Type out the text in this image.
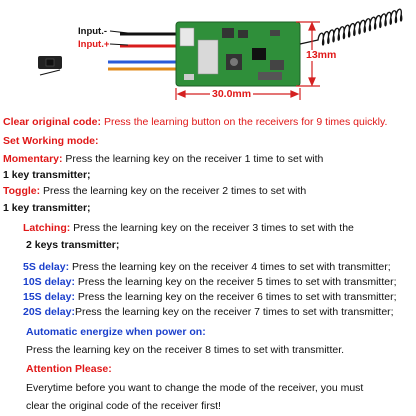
Input.-
Input.+
30.0mm
13mm
Clear original code: Press the learning button on the receivers for 9 times quickly.
Set Working mode:
Momentary: Press the learning key on the receiver 1 time to set with
1 key transmitter;
Toggle: Press the learning key on the receiver 2 times to set with
1 key transmitter;
Latching: Press the learning key on the receiver 3 times to set with the
2 keys transmitter;
5S delay: Press the learning key on the receiver 4 times to set with transmitter;
10S delay: Press the learning key on the receiver 5 times to set with transmitter;
15S delay: Press the learning key on the receiver 6 times to set with transmitter;
20S delay:Press the learning key on the receiver 7 times to set with transmitter;
Automatic energize when power on:
Press the learning key on the receiver 8 times to set with transmitter.
Attention Please:
Everytime before you want to change the mode of the receiver, you must
clear the original code of the receiver first!
